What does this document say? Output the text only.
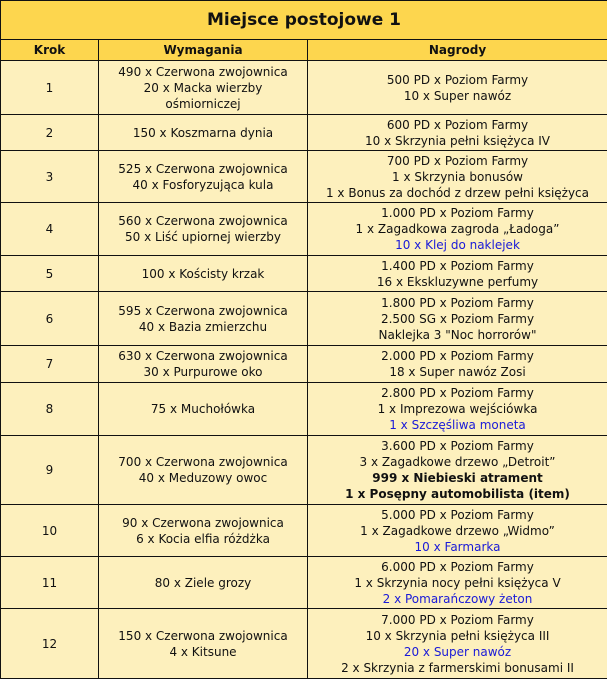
Miejsce postojowe 1		
Krok	Wymagania	Nagrody
1	490 x Czerwona zwojownica
20 x Macka wierzby
ośmiorniczej	500 PD x Poziom Farmy
10 x Super nawóz

2	150 x Koszmarna dynia	600 PD x Poziom Farmy
10 x Skrzynia pełni księżyca IV

3	525 x Czerwona zwojownica
40 x Fosforyzująca kula	700 PD x Poziom Farmy
1 x Skrzynia bonusów
1 x Bonus za dochód z drzew pełni księżyca

4	560 x Czerwona zwojownica
50 x Liść upiornej wierzby	1.000 PD x Poziom Farmy
1 x Zagadkowa zagroda „Ładoga”
10 x Klej do naklejek

5	100 x Kościsty krzak	1.400 PD x Poziom Farmy
16 x Ekskluzywne perfumy

6	595 x Czerwona zwojownica
40 x Bazia zmierzchu	1.800 PD x Poziom Farmy
2.500 SG x Poziom Farmy
Naklejka 3 "Noc horrorów"

7	630 x Czerwona zwojownica
30 x Purpurowe oko	2.000 PD x Poziom Farmy
18 x Super nawóz Zosi

8	75 x Muchołówka	2.800 PD x Poziom Farmy
1 x Imprezowa wejściówka
1 x Szczęśliwa moneta

9	700 x Czerwona zwojownica
40 x Meduzowy owoc	3.600 PD x Poziom Farmy
3 x Zagadkowe drzewo „Detroit”
999 x Niebieski atrament
1 x Posępny automobilista (item)

10	90 x Czerwona zwojownica
6 x Kocia elfia różdżka	5.000 PD x Poziom Farmy
1 x Zagadkowe drzewo „Widmo”
10 x Farmarka

11	80 x Ziele grozy	6.000 PD x Poziom Farmy
1 x Skrzynia nocy pełni księżyca V
2 x Pomarańczowy żeton

12	150 x Czerwona zwojownica
4 x Kitsune	7.000 PD x Poziom Farmy
10 x Skrzynia pełni księżyca III
20 x Super nawóz
2 x Skrzynia z farmerskimi bonusami II
